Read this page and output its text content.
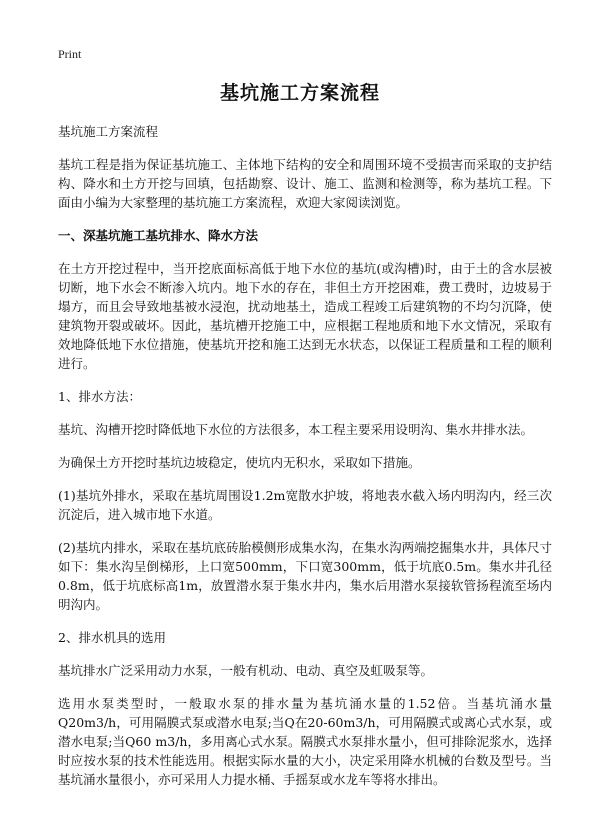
Print
基坑施工方案流程

基坑施工方案流程

基坑工程是指为保证基坑施工、主体地下结构的安全和周围环境不受损害而采取的支护结构、降水和土方开挖与回填，包括勘察、设计、施工、监测和检测等，称为基坑工程。下面由小编为大家整理的基坑施工方案流程，欢迎大家阅读浏览。

一、深基坑施工基坑排水、降水方法

在土方开挖过程中，当开挖底面标高低于地下水位的基坑(或沟槽)时，由于土的含水层被切断，地下水会不断渗入坑内。地下水的存在，非但土方开挖困难，费工费时，边坡易于塌方，而且会导致地基被水浸泡，扰动地基土，造成工程竣工后建筑物的不均匀沉降，使建筑物开裂或破坏。因此，基坑槽开挖施工中，应根据工程地质和地下水文情况，采取有效地降低地下水位措施，使基坑开挖和施工达到无水状态，以保证工程质量和工程的顺利进行。

1、排水方法：

基坑、沟槽开挖时降低地下水位的方法很多，本工程主要采用设明沟、集水井排水法。

为确保土方开挖时基坑边坡稳定，使坑内无积水，采取如下措施。

(1)基坑外排水，采取在基坑周围设1.2m宽散水护坡，将地表水截入场内明沟内，经三次沉淀后，进入城市地下水道。

(2)基坑内排水，采取在基坑底砖胎模侧形成集水沟，在集水沟两端挖掘集水井，具体尺寸如下：集水沟呈倒梯形，上口宽500mm，下口宽300mm，低于坑底0.5m。集水井孔径0.8m，低于坑底标高1m，放置潜水泵于集水井内，集水后用潜水泵接软管扬程流至场内明沟内。

2、排水机具的选用

基坑排水广泛采用动力水泵，一般有机动、电动、真空及虹吸泵等。

选用水泵类型时，一般取水泵的排水量为基坑涌水量的1.52倍。当基坑涌水量Q20m3/h，可用隔膜式泵或潜水电泵;当Q在20-60m3/h，可用隔膜式或离心式水泵，或潜水电泵;当Q60 m3/h，多用离心式水泵。隔膜式水泵排水量小，但可排除泥浆水，选择时应按水泵的技术性能选用。根据实际水量的大小，决定采用降水机械的台数及型号。当基坑涌水量很小，亦可采用人力提水桶、手摇泵或水龙车等将水排出。
